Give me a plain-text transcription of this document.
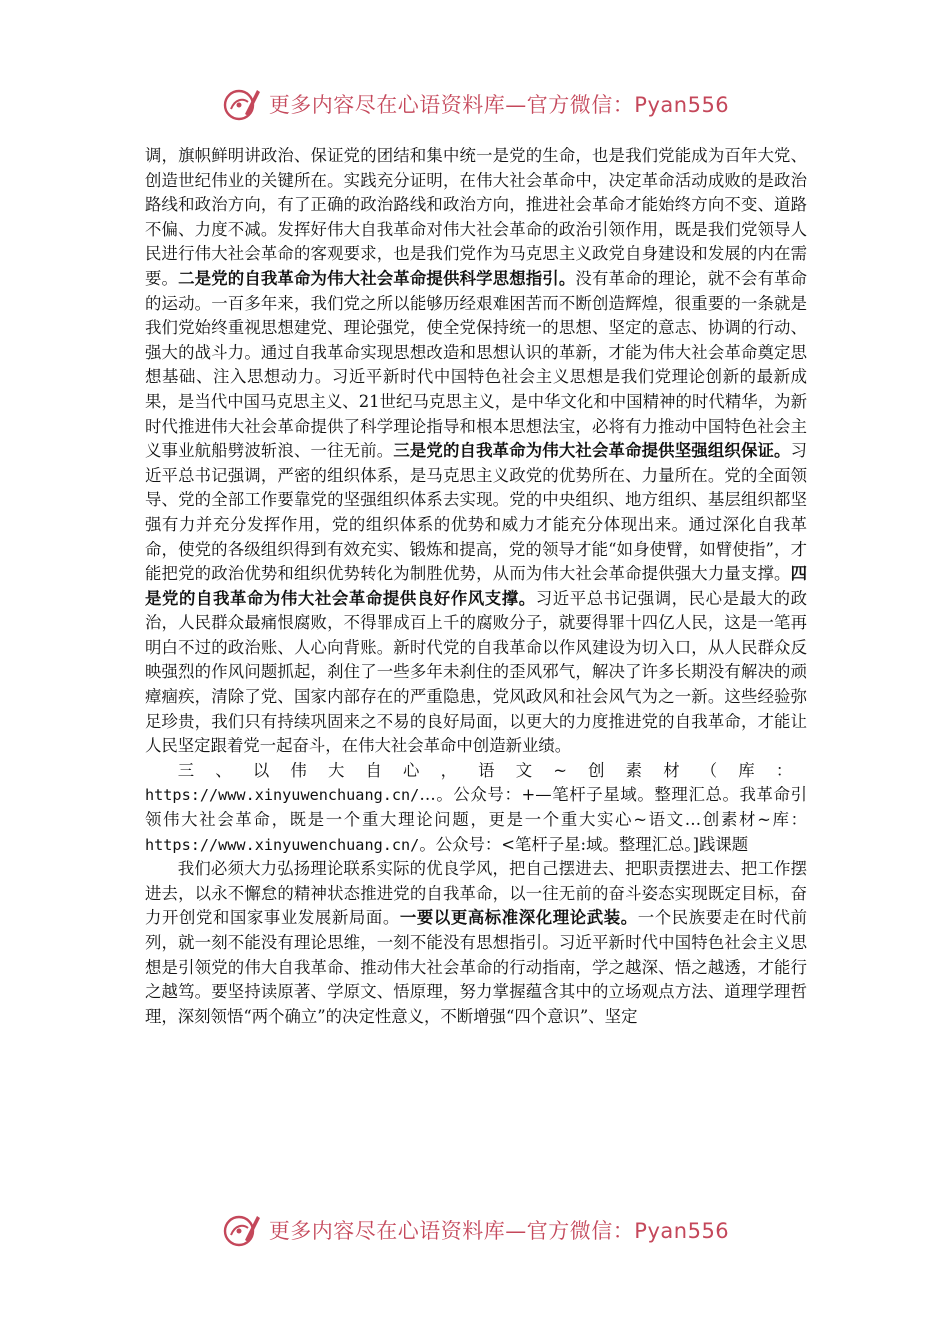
更多内容尽在心语资料库—官方微信：Pyan556

调，旗帜鲜明讲政治、保证党的团结和集中统一是党的生命，也是我们党能成为百年大党、创造世纪伟业的关键所在。实践充分证明，在伟大社会革命中，决定革命活动成败的是政治路线和政治方向，有了正确的政治路线和政治方向，推进社会革命才能始终方向不变、道路不偏、力度不减。发挥好伟大自我革命对伟大社会革命的政治引领作用，既是我们党领导人民进行伟大社会革命的客观要求，也是我们党作为马克思主义政党自身建设和发展的内在需要。二是党的自我革命为伟大社会革命提供科学思想指引。没有革命的理论，就不会有革命的运动。一百多年来，我们党之所以能够历经艰难困苦而不断创造辉煌，很重要的一条就是我们党始终重视思想建党、理论强党，使全党保持统一的思想、坚定的意志、协调的行动、强大的战斗力。通过自我革命实现思想改造和思想认识的革新，才能为伟大社会革命奠定思想基础、注入思想动力。习近平新时代中国特色社会主义思想是我们党理论创新的最新成果，是当代中国马克思主义、21世纪马克思主义，是中华文化和中国精神的时代精华，为新时代推进伟大社会革命提供了科学理论指导和根本思想法宝，必将有力推动中国特色社会主义事业航船劈波斩浪、一往无前。三是党的自我革命为伟大社会革命提供坚强组织保证。习近平总书记强调，严密的组织体系，是马克思主义政党的优势所在、力量所在。党的全面领导、党的全部工作要靠党的坚强组织体系去实现。党的中央组织、地方组织、基层组织都坚强有力并充分发挥作用，党的组织体系的优势和威力才能充分体现出来。通过深化自我革命，使党的各级组织得到有效充实、锻炼和提高，党的领导才能“如身使臂，如臂使指”，才能把党的政治优势和组织优势转化为制胜优势，从而为伟大社会革命提供强大力量支撑。四是党的自我革命为伟大社会革命提供良好作风支撑。习近平总书记强调，民心是最大的政治，人民群众最痛恨腐败，不得罪成百上千的腐败分子，就要得罪十四亿人民，这是一笔再明白不过的政治账、人心向背账。新时代党的自我革命以作风建设为切入口，从人民群众反映强烈的作风问题抓起，刹住了一些多年未刹住的歪风邪气，解决了许多长期没有解决的顽瘴痼疾，清除了党、国家内部存在的严重隐患，党风政风和社会风气为之一新。这些经验弥足珍贵，我们只有持续巩固来之不易的良好局面，以更大的力度推进党的自我革命，才能让人民坚定跟着党一起奋斗，在伟大社会革命中创造新业绩。

三、以伟大自心，语文~创素材（库：https://www.xinyuwenchuang.cn/…。公众号：+—笔杆子星域。整理汇总。我革命引领伟大社会革命，既是一个重大理论问题，更是一个重大实心~语文…创素材~库：https://www.xinyuwenchuang.cn/。公众号：<笔杆子星:域。整理汇总。]践课题

我们必须大力弘扬理论联系实际的优良学风，把自己摆进去、把职责摆进去、把工作摆进去，以永不懈怠的精神状态推进党的自我革命，以一往无前的奋斗姿态实现既定目标，奋力开创党和国家事业发展新局面。一要以更高标准深化理论武装。一个民族要走在时代前列，就一刻不能没有理论思维，一刻不能没有思想指引。习近平新时代中国特色社会主义思想是引领党的伟大自我革命、推动伟大社会革命的行动指南，学之越深、悟之越透，才能行之越笃。要坚持读原著、学原文、悟原理，努力掌握蕴含其中的立场观点方法、道理学理哲理，深刻领悟“两个确立”的决定性意义，不断增强“四个意识”、坚定

更多内容尽在心语资料库—官方微信：Pyan556
